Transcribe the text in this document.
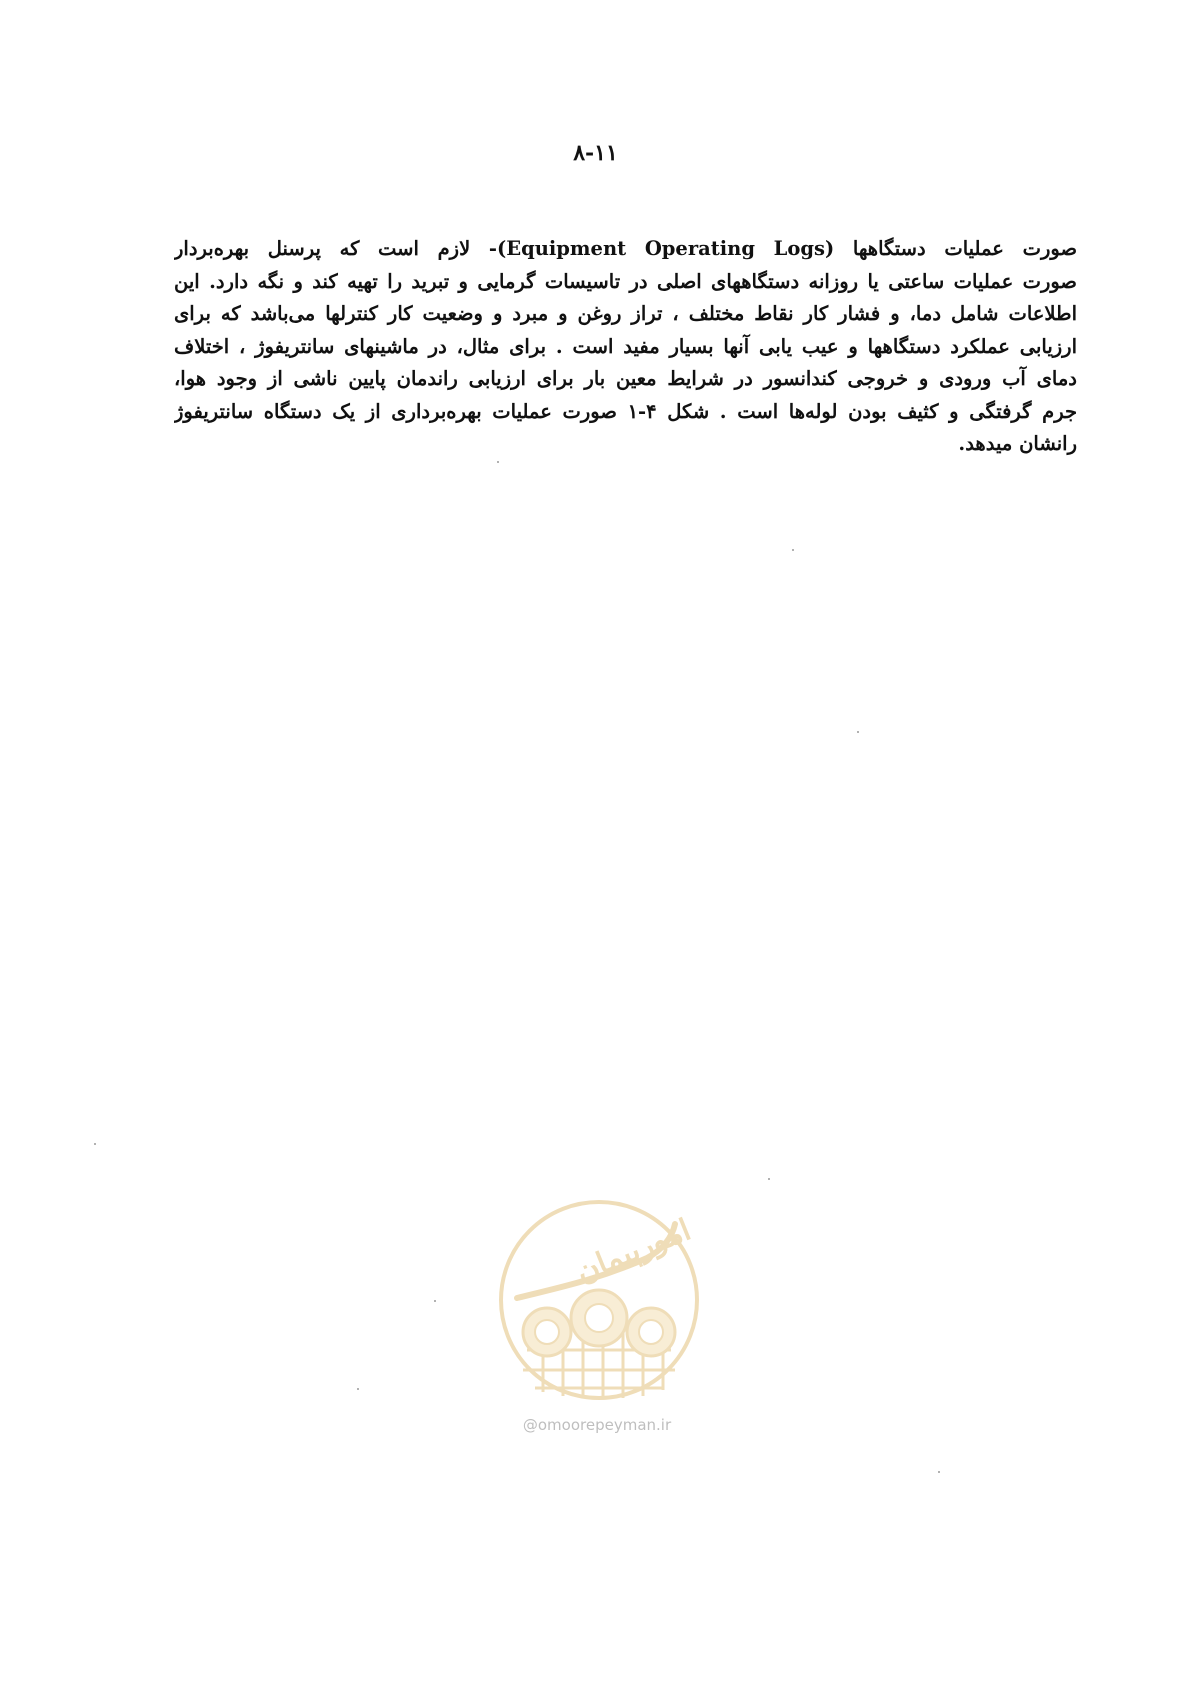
۸-۱۱
صورت عملیات دستگاهها (Equipment Operating Logs)- لازم است که پرسنل بهره‌بردار
صورت عملیات ساعتی یا روزانه دستگاههای اصلی در تاسیسات گرمایی و تبرید را تهیه کند و نگه دارد. این
اطلاعات شامل دما، و فشار کار نقاط مختلف ، تراز روغن و مبرد و وضعیت کار کنترلها می‌باشد که برای
ارزیابی عملکرد دستگاهها و عیب یابی آنها بسیار مفید است . برای مثال، در ماشینهای سانتریفوژ ، اختلاف
دمای آب ورودی و خروجی کندانسور در شرایط معین بار برای ارزیابی راندمان پایین ناشی از وجود هوا،
جرم گرفتگی و کثیف بودن لوله‌ها است . شکل ۴-۱ صورت عملیات بهره‌برداری از یک دستگاه سانتریفوژ
رانشان میدهد.
امورپیمان
@omoorepeyman.ir
